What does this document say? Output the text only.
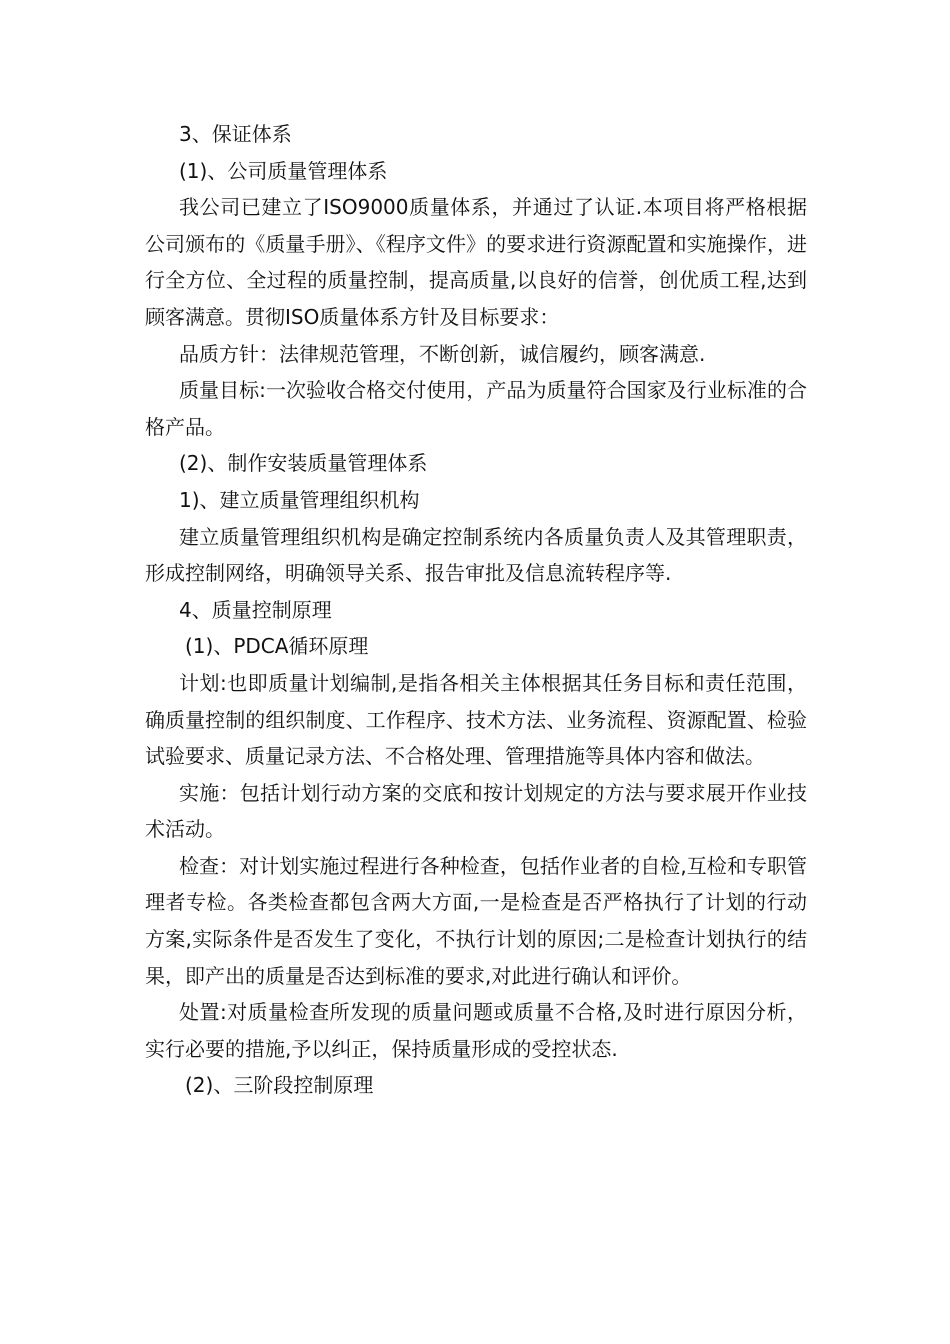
3、保证体系

(1)、公司质量管理体系

我公司已建立了ISO9000质量体系，并通过了认证.本项目将严格根据公司颁布的《质量手册》、《程序文件》的要求进行资源配置和实施操作，进行全方位、全过程的质量控制，提高质量,以良好的信誉，创优质工程,达到顾客满意。贯彻ISO质量体系方针及目标要求：

品质方针：法律规范管理，不断创新，诚信履约，顾客满意.

质量目标:一次验收合格交付使用，产品为质量符合国家及行业标准的合格产品。

(2)、制作安装质量管理体系

1)、建立质量管理组织机构

建立质量管理组织机构是确定控制系统内各质量负责人及其管理职责，形成控制网络，明确领导关系、报告审批及信息流转程序等.

4、质量控制原理

(1)、PDCA循环原理

计划:也即质量计划编制,是指各相关主体根据其任务目标和责任范围，确质量控制的组织制度、工作程序、技术方法、业务流程、资源配置、检验试验要求、质量记录方法、不合格处理、管理措施等具体内容和做法。

实施：包括计划行动方案的交底和按计划规定的方法与要求展开作业技术活动。

检查：对计划实施过程进行各种检查，包括作业者的自检,互检和专职管理者专检。各类检查都包含两大方面,一是检查是否严格执行了计划的行动方案,实际条件是否发生了变化，不执行计划的原因;二是检查计划执行的结果，即产出的质量是否达到标准的要求,对此进行确认和评价。

处置:对质量检查所发现的质量问题或质量不合格,及时进行原因分析，实行必要的措施,予以纠正，保持质量形成的受控状态.

(2)、三阶段控制原理
